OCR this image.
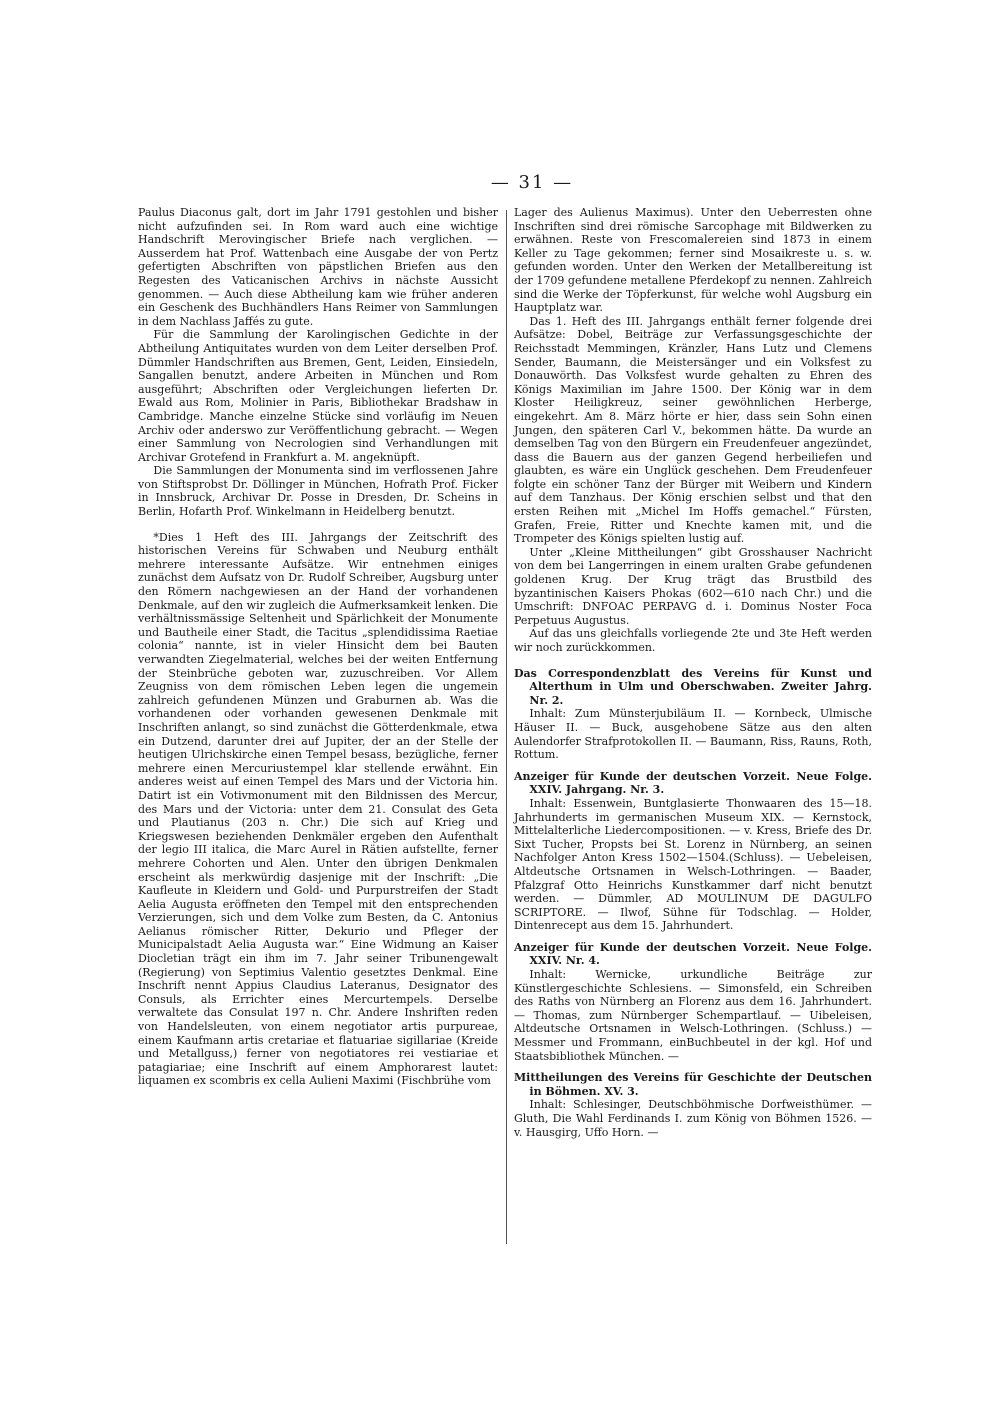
— 31 —

Paulus Diaconus galt, dort im Jahr 1791 gestohlen und bisher nicht aufzufinden sei. In Rom ward auch eine wichtige Handschrift Merovingischer Briefe nach verglichen. — Ausserdem hat Prof. Wattenbach eine Ausgabe der von Pertz gefertigten Abschriften von päpstlichen Briefen aus den Regesten des Vaticanischen Archivs in nächste Aussicht genommen. — Auch diese Abtheilung kam wie früher anderen ein Geschenk des Buchhändlers Hans Reimer von Sammlungen in dem Nachlass Jaffés zu gute.

Für die Sammlung der Karolingischen Gedichte in der Abtheilung Antiquitates wurden von dem Leiter derselben Prof. Dümmler Handschriften aus Bremen, Gent, Leiden, Einsiedeln, Sangallen benutzt, andere Arbeiten in München und Rom ausgeführt; Abschriften oder Vergleichungen lieferten Dr. Ewald aus Rom, Molinier in Paris, Bibliothekar Bradshaw in Cambridge. Manche einzelne Stücke sind vorläufig im Neuen Archiv oder anderswo zur Veröffentlichung gebracht. — Wegen einer Sammlung von Necrologien sind Verhandlungen mit Archivar Grotefend in Frankfurt a. M. angeknüpft.

Die Sammlungen der Monumenta sind im verflossenen Jahre von Stiftsprobst Dr. Döllinger in München, Hofrath Prof. Ficker in Innsbruck, Archivar Dr. Posse in Dresden, Dr. Scheins in Berlin, Hofarth Prof. Winkelmann in Heidelberg benutzt.

*Dies 1 Heft des III. Jahrgangs der Zeitschrift des historischen Vereins für Schwaben und Neuburg enthält mehrere interessante Aufsätze. Wir entnehmen einiges zunächst dem Aufsatz von Dr. Rudolf Schreiber, Augsburg unter den Römern nachgewiesen an der Hand der vorhandenen Denkmale, auf den wir zugleich die Aufmerksamkeit lenken. Die verhältnissmässige Seltenheit und Spärlichkeit der Monumente und Bautheile einer Stadt, die Tacitus „splendidissima Raetiae colonia“ nannte, ist in vieler Hinsicht dem bei Bauten verwandten Ziegelmaterial, welches bei der weiten Entfernung der Steinbrüche geboten war, zuzuschreiben. Vor Allem Zeugniss von dem römischen Leben legen die ungemein zahlreich gefundenen Münzen und Graburnen ab. Was die vorhandenen oder vorhanden gewesenen Denkmale mit Inschriften anlangt, so sind zunächst die Götterdenkmale, etwa ein Dutzend, darunter drei auf Jupiter, der an der Stelle der heutigen Ulrichskirche einen Tempel besass, bezügliche, ferner mehrere einen Mercuriustempel klar stellende erwähnt. Ein anderes weist auf einen Tempel des Mars und der Victoria hin. Datirt ist ein Votivmonument mit den Bildnissen des Mercur, des Mars und der Victoria: unter dem 21. Consulat des Geta und Plautianus (203 n. Chr.) Die sich auf Krieg und Kriegswesen beziehenden Denkmäler ergeben den Aufenthalt der legio III italica, die Marc Aurel in Rätien aufstellte, ferner mehrere Cohorten und Alen. Unter den übrigen Denkmalen erscheint als merkwürdig dasjenige mit der Inschrift: „Die Kaufleute in Kleidern und Gold- und Purpurstreifen der Stadt Aelia Augusta eröffneten den Tempel mit den entsprechenden Verzierungen, sich und dem Volke zum Besten, da C. Antonius Aelianus römischer Ritter, Dekurio und Pfleger der Municipalstadt Aelia Augusta war.“ Eine Widmung an Kaiser Diocletian trägt ein ihm im 7. Jahr seiner Tribunengewalt (Regierung) von Septimius Valentio gesetztes Denkmal. Eine Inschrift nennt Appius Claudius Lateranus, Designator des Consuls, als Errichter eines Mercurtempels. Derselbe verwaltete das Consulat 197 n. Chr. Andere Inshriften reden von Handelsleuten, von einem negotiator artis purpureae, einem Kaufmann artis cretariae et flatuariae sigillariae (Kreide und Metallguss,) ferner von negotiatores rei vestiariae et patagiariae; eine Inschrift auf einem Amphorarest lautet: liquamen ex scombris ex cella Aulieni Maximi (Fischbrühe vom

Lager des Aulienus Maximus). Unter den Ueberresten ohne Inschriften sind drei römische Sarcophage mit Bildwerken zu erwähnen. Reste von Frescomalereien sind 1873 in einem Keller zu Tage gekommen; ferner sind Mosaikreste u. s. w. gefunden worden. Unter den Werken der Metallbereitung ist der 1709 gefundene metallene Pferdekopf zu nennen. Zahlreich sind die Werke der Töpferkunst, für welche wohl Augsburg ein Hauptplatz war.

Das 1. Heft des III. Jahrgangs enthält ferner folgende drei Aufsätze: Dobel, Beiträge zur Verfassungsgeschichte der Reichsstadt Memmingen, Kränzler, Hans Lutz und Clemens Sender, Baumann, die Meistersänger und ein Volksfest zu Donauwörth. Das Volksfest wurde gehalten zu Ehren des Königs Maximilian im Jahre 1500. Der König war in dem Kloster Heiligkreuz, seiner gewöhnlichen Herberge, eingekehrt. Am 8. März hörte er hier, dass sein Sohn einen Jungen, den späteren Carl V., bekommen hätte. Da wurde an demselben Tag von den Bürgern ein Freudenfeuer angezündet, dass die Bauern aus der ganzen Gegend herbeiliefen und glaubten, es wäre ein Unglück geschehen. Dem Freudenfeuer folgte ein schöner Tanz der Bürger mit Weibern und Kindern auf dem Tanzhaus. Der König erschien selbst und that den ersten Reihen mit „Michel Im Hoffs gemachel.“ Fürsten, Grafen, Freie, Ritter und Knechte kamen mit, und die Trompeter des Königs spielten lustig auf.

Unter „Kleine Mittheilungen“ gibt Grosshauser Nachricht von dem bei Langerringen in einem uralten Grabe gefundenen goldenen Krug. Der Krug trägt das Brustbild des byzantinischen Kaisers Phokas (602—610 nach Chr.) und die Umschrift: DNFOAC PERPAVG d. i. Dominus Noster Foca Perpetuus Augustus.

Auf das uns gleichfalls vorliegende 2te und 3te Heft werden wir noch zurückkommen.

Das Correspondenzblatt des Vereins für Kunst und Alterthum in Ulm und Oberschwaben. Zweiter Jahrg. Nr. 2.

Inhalt: Zum Münsterjubiläum II. — Kornbeck, Ulmische Häuser II. — Buck, ausgehobene Sätze aus den alten Aulendorfer Strafprotokollen II. — Baumann, Riss, Rauns, Roth, Rottum.

Anzeiger für Kunde der deutschen Vorzeit. Neue Folge. XXIV. Jahrgang. Nr. 3.

Inhalt: Essenwein, Buntglasierte Thonwaaren des 15—18. Jahrhunderts im germanischen Museum XIX. — Kernstock, Mittelalterliche Liedercompositionen. — v. Kress, Briefe des Dr. Sixt Tucher, Propsts bei St. Lorenz in Nürnberg, an seinen Nachfolger Anton Kress 1502—1504.(Schluss). — Uebeleisen, Altdeutsche Ortsnamen in Welsch-Lothringen. — Baader, Pfalzgraf Otto Heinrichs Kunstkammer darf nicht benutzt werden. — Dümmler, AD MOULINUM DE DAGULFO SCRIPTORE. — Ilwof, Sühne für Todschlag. — Holder, Dintenrecept aus dem 15. Jahrhundert.

Anzeiger für Kunde der deutschen Vorzeit. Neue Folge. XXIV. Nr. 4.

Inhalt: Wernicke, urkundliche Beiträge zur Künstlergeschichte Schlesiens. — Simonsfeld, ein Schreiben des Raths von Nürnberg an Florenz aus dem 16. Jahrhundert. — Thomas, zum Nürnberger Schempartlauf. — Uibeleisen, Altdeutsche Ortsnamen in Welsch-Lothringen. (Schluss.) — Messmer und Frommann, einBuchbeutel in der kgl. Hof und Staatsbibliothek München. —

Mittheilungen des Vereins für Geschichte der Deutschen in Böhmen. XV. 3.

Inhalt: Schlesinger, Deutschböhmische Dorfweisthümer. — Gluth, Die Wahl Ferdinands I. zum König von Böhmen 1526. — v. Hausgirg, Uffo Horn. —
